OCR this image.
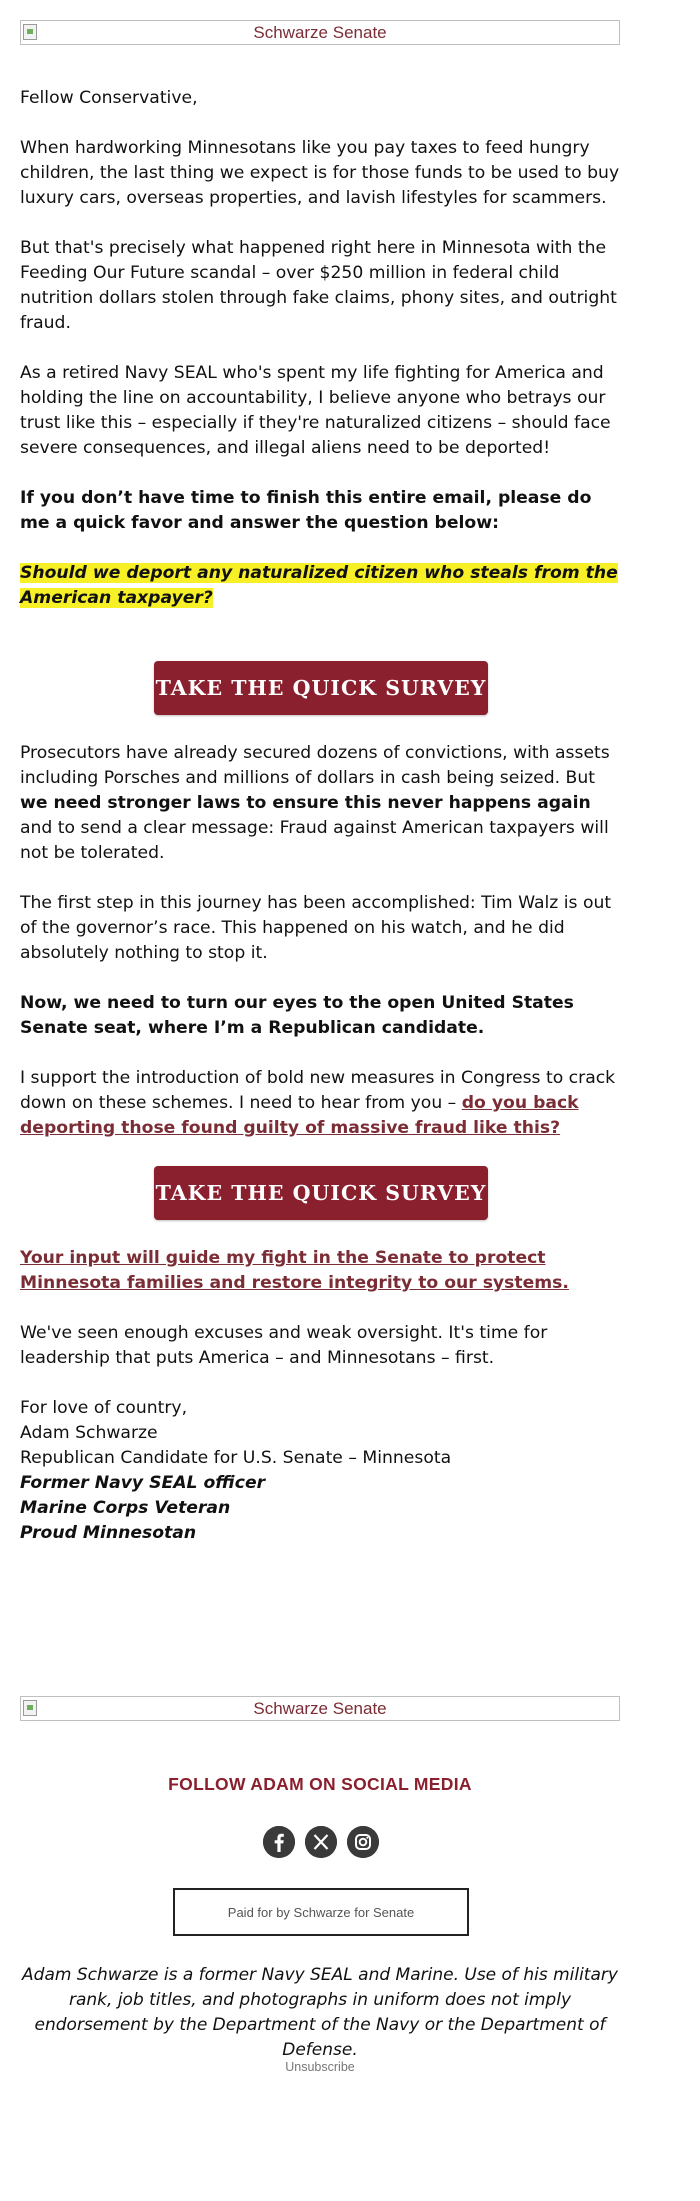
Schwarze Senate

Fellow Conservative,

When hardworking Minnesotans like you pay taxes to feed hungry children, the last thing we expect is for those funds to be used to buy luxury cars, overseas properties, and lavish lifestyles for scammers.

But that's precisely what happened right here in Minnesota with the Feeding Our Future scandal – over $250 million in federal child nutrition dollars stolen through fake claims, phony sites, and outright fraud.

As a retired Navy SEAL who's spent my life fighting for America and holding the line on accountability, I believe anyone who betrays our trust like this – especially if they're naturalized citizens – should face severe consequences, and illegal aliens need to be deported!

If you don’t have time to finish this entire email, please do me a quick favor and answer the question below:

Should we deport any naturalized citizen who steals from the American taxpayer?

TAKE THE QUICK SURVEY

Prosecutors have already secured dozens of convictions, with assets including Porsches and millions of dollars in cash being seized. But we need stronger laws to ensure this never happens again and to send a clear message: Fraud against American taxpayers will not be tolerated.

The first step in this journey has been accomplished: Tim Walz is out of the governor’s race. This happened on his watch, and he did absolutely nothing to stop it.

Now, we need to turn our eyes to the open United States Senate seat, where I’m a Republican candidate.

I support the introduction of bold new measures in Congress to crack down on these schemes. I need to hear from you – do you back deporting those found guilty of massive fraud like this?

TAKE THE QUICK SURVEY

Your input will guide my fight in the Senate to protect Minnesota families and restore integrity to our systems.

We've seen enough excuses and weak oversight. It's time for leadership that puts America – and Minnesotans – first.

For love of country,

Adam Schwarze

Republican Candidate for U.S. Senate – Minnesota

Former Navy SEAL officer

Marine Corps Veteran

Proud Minnesotan

Schwarze Senate
FOLLOW ADAM ON SOCIAL MEDIA
Paid for by Schwarze for Senate
Adam Schwarze is a former Navy SEAL and Marine. Use of his military rank, job titles, and photographs in uniform does not imply endorsement by the Department of the Navy or the Department of Defense.
Unsubscribe
